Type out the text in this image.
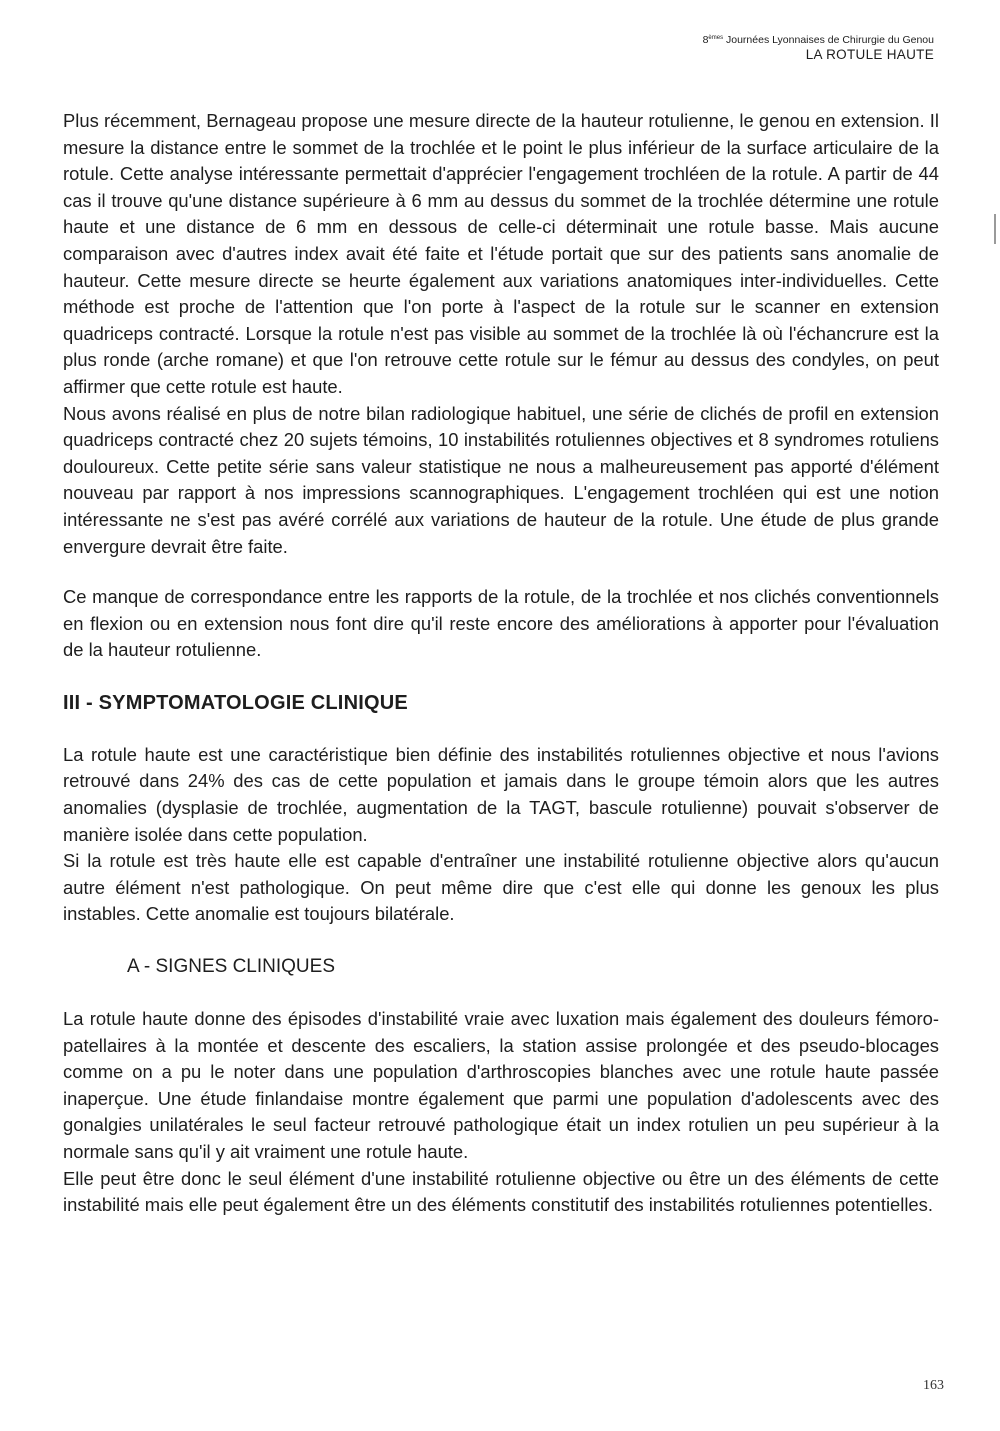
8èmes Journées Lyonnaises de Chirurgie du Genou
LA ROTULE HAUTE

Plus récemment, Bernageau propose une mesure directe de la hauteur rotulienne, le genou en extension. Il mesure la distance entre le sommet de la trochlée et le point le plus inférieur de la surface articulaire de la rotule. Cette analyse intéressante permettait d'apprécier l'engagement trochléen de la rotule. A partir de 44 cas il trouve qu'une distance supérieure à 6 mm au dessus du sommet de la trochlée détermine une rotule haute et une distance de 6 mm en dessous de celle-ci déterminait une rotule basse. Mais aucune comparaison avec d'autres index avait été faite et l'étude portait que sur des patients sans anomalie de hauteur. Cette mesure directe se heurte également aux variations anatomiques inter-individuelles. Cette méthode est proche de l'attention que l'on porte à l'aspect de la rotule sur le scanner en extension quadriceps contracté. Lorsque la rotule n'est pas visible au sommet de la trochlée là où l'échancrure est la plus ronde (arche romane) et que l'on retrouve cette rotule sur le fémur au dessus des condyles, on peut affirmer que cette rotule est haute.

Nous avons réalisé en plus de notre bilan radiologique habituel, une série de clichés de profil en extension quadriceps contracté chez 20 sujets témoins, 10 instabilités rotuliennes objectives et 8 syndromes rotuliens douloureux. Cette petite série sans valeur statistique ne nous a malheureusement pas apporté d'élément nouveau par rapport à nos impressions scannographiques. L'engagement trochléen qui est une notion intéressante ne s'est pas avéré corrélé aux variations de hauteur de la rotule. Une étude de plus grande envergure devrait être faite.

Ce manque de correspondance entre les rapports de la rotule, de la trochlée et nos clichés conventionnels en flexion ou en extension nous font dire qu'il reste encore des améliorations à apporter pour l'évaluation de la hauteur rotulienne.

III - SYMPTOMATOLOGIE CLINIQUE

La rotule haute est une caractéristique bien définie des instabilités rotuliennes objective et nous l'avions retrouvé dans 24% des cas de cette population et jamais dans le groupe témoin alors que les autres anomalies (dysplasie de trochlée, augmentation de la TAGT, bascule rotulienne) pouvait s'observer de manière isolée dans cette population.

Si la rotule est très haute elle est capable d'entraîner une instabilité rotulienne objective alors qu'aucun autre élément n'est pathologique. On peut même dire que c'est elle qui donne les genoux les plus instables. Cette anomalie est toujours bilatérale.

A - SIGNES CLINIQUES

La rotule haute donne des épisodes d'instabilité vraie avec luxation mais également des douleurs fémoro-patellaires à la montée et descente des escaliers, la station assise prolongée et des pseudo-blocages comme on a pu le noter dans une population d'arthroscopies blanches avec une rotule haute passée inaperçue. Une étude finlandaise montre également que parmi une population d'adolescents avec des gonalgies unilatérales le seul facteur retrouvé pathologique était un index rotulien un peu supérieur à la normale sans qu'il y ait vraiment une rotule haute.

Elle peut être donc le seul élément d'une instabilité rotulienne objective ou être un des éléments de cette instabilité mais elle peut également être un des éléments constitutif des instabilités rotuliennes potentielles.

163
